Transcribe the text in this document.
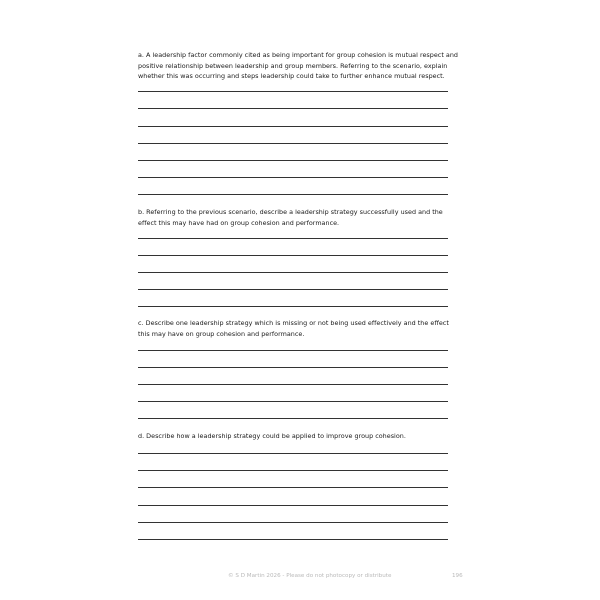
a. A leadership factor commonly cited as being important for group cohesion is mutual respect and positive relationship between leadership and group members. Referring to the scenario, explain whether this was occurring and steps leadership could take to further enhance mutual respect.
b. Referring to the previous scenario, describe a leadership strategy successfully used and the effect this may have had on group cohesion and performance.
c. Describe one leadership strategy which is missing or not being used effectively and the effect this may have on group cohesion and performance.
d. Describe how a leadership strategy could be applied to improve group cohesion.
© S D Martin 2026 - Please do not photocopy or distribute	196
